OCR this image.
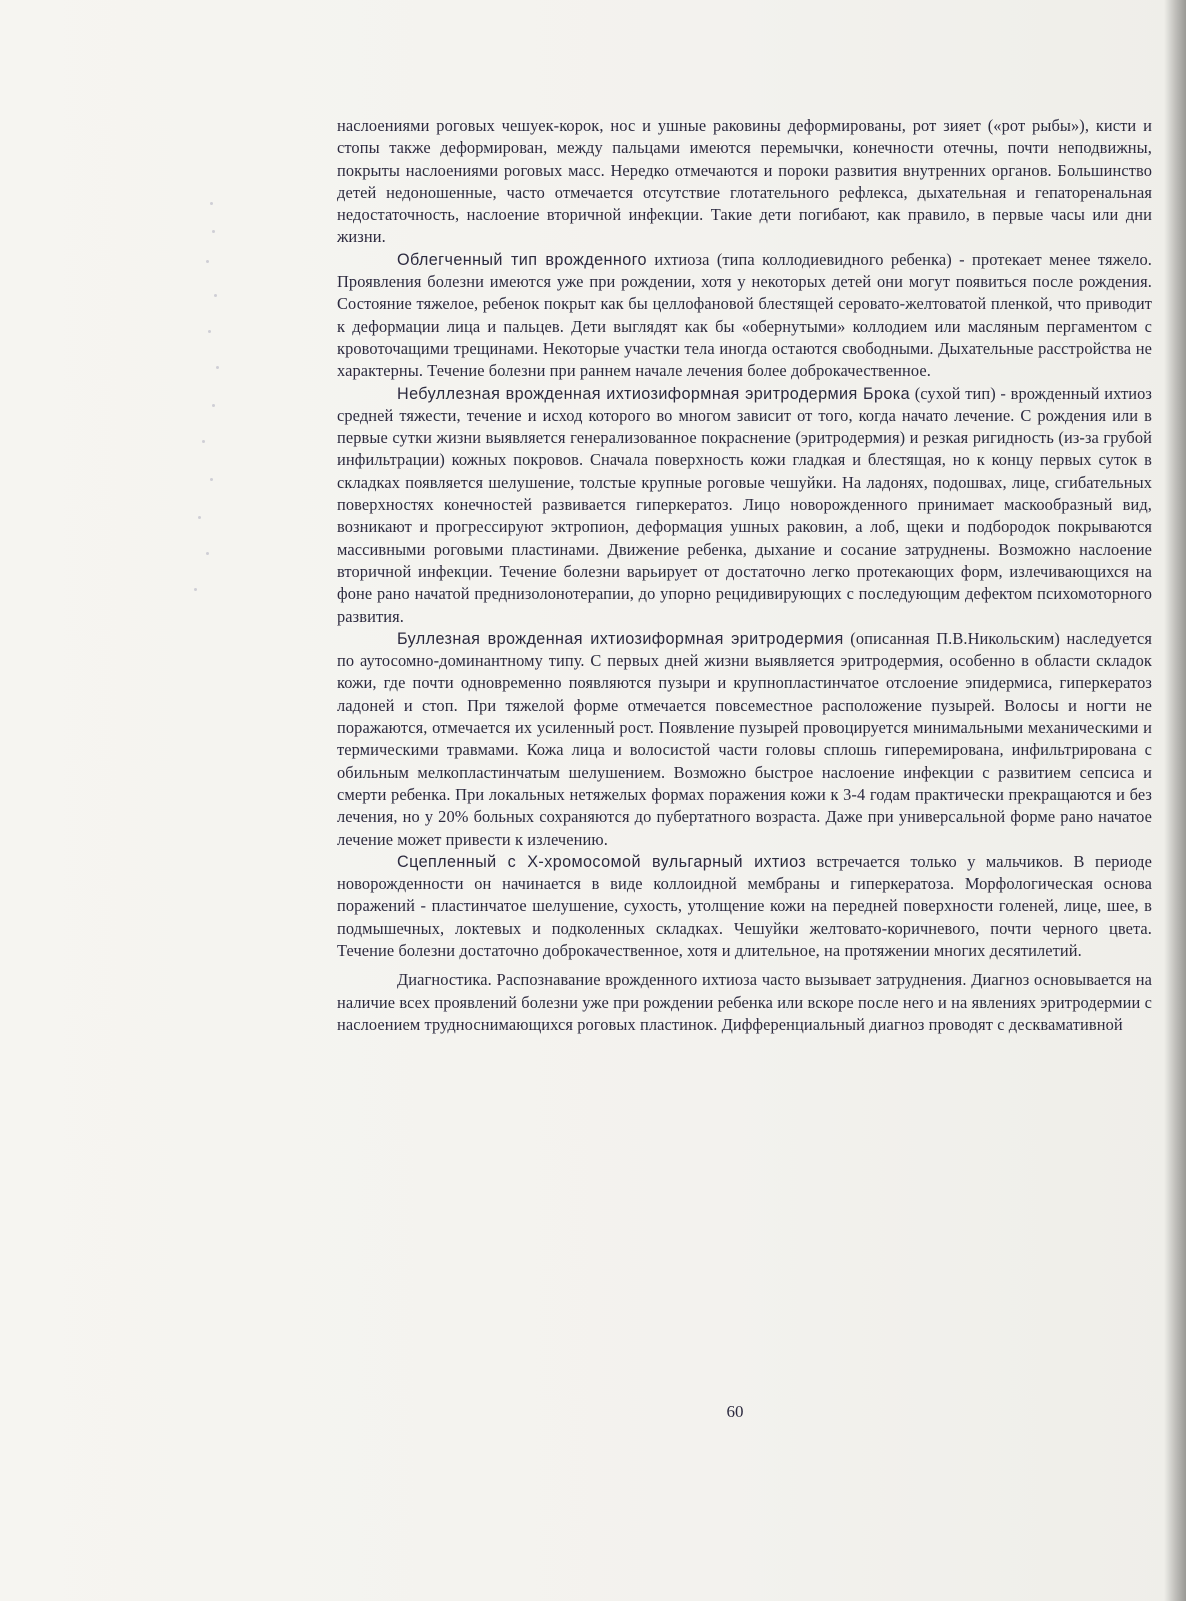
наслоениями роговых чешуек-корок, нос и ушные раковины деформированы, рот зияет («рот рыбы»), кисти и стопы также деформирован, между пальцами имеются перемычки, конечности отечны, почти неподвижны, покрыты наслоениями роговых масс. Нередко отмечаются и пороки развития внутренних органов. Большинство детей недоношенные, часто отмечается отсутствие глотательного рефлекса, дыхательная и гепаторенальная недостаточность, наслоение вторичной инфекции. Такие дети погибают, как правило, в первые часы или дни жизни.

Облегченный тип врожденного ихтиоза (типа коллодиевидного ребенка) - протекает менее тяжело. Проявления болезни имеются уже при рождении, хотя у некоторых детей они могут появиться после рождения. Состояние тяжелое, ребенок покрыт как бы целлофановой блестящей серовато-желтоватой пленкой, что приводит к деформации лица и пальцев. Дети выглядят как бы «обернутыми» коллодием или масляным пергаментом с кровоточащими трещинами. Некоторые участки тела иногда остаются свободными. Дыхательные расстройства не характерны. Течение болезни при раннем начале лечения более доброкачественное.

Небуллезная врожденная ихтиозиформная эритродермия Брока (сухой тип) - врожденный ихтиоз средней тяжести, течение и исход которого во многом зависит от того, когда начато лечение. С рождения или в первые сутки жизни выявляется генерализованное покраснение (эритродермия) и резкая ригидность (из-за грубой инфильтрации) кожных покровов. Сначала поверхность кожи гладкая и блестящая, но к концу первых суток в складках появляется шелушение, толстые крупные роговые чешуйки. На ладонях, подошвах, лице, сгибательных поверхностях конечностей развивается гиперкератоз. Лицо новорожденного принимает маскообразный вид, возникают и прогрессируют эктропион, деформация ушных раковин, а лоб, щеки и подбородок покрываются массивными роговыми пластинами. Движение ребенка, дыхание и сосание затруднены. Возможно наслоение вторичной инфекции. Течение болезни варьирует от достаточно легко протекающих форм, излечивающихся на фоне рано начатой преднизолонотерапии, до упорно рецидивирующих с последующим дефектом психомоторного развития.

Буллезная врожденная ихтиозиформная эритродермия (описанная П.В.Никольским) наследуется по аутосомно-доминантному типу. С первых дней жизни выявляется эритродермия, особенно в области складок кожи, где почти одновременно появляются пузыри и крупнопластинчатое отслоение эпидермиса, гиперкератоз ладоней и стоп. При тяжелой форме отмечается повсеместное расположение пузырей. Волосы и ногти не поражаются, отмечается их усиленный рост. Появление пузырей провоцируется минимальными механическими и термическими травмами. Кожа лица и волосистой части головы сплошь гиперемирована, инфильтрирована с обильным мелкопластинчатым шелушением. Возможно быстрое наслоение инфекции с развитием сепсиса и смерти ребенка. При локальных нетяжелых формах поражения кожи к 3-4 годам практически прекращаются и без лечения, но у 20% больных сохраняются до пубертатного возраста. Даже при универсальной форме рано начатое лечение может привести к излечению.

Сцепленный с Х-хромосомой вульгарный ихтиоз встречается только у мальчиков. В периоде новорожденности он начинается в виде коллоидной мембраны и гиперкератоза. Морфологическая основа поражений - пластинчатое шелушение, сухость, утолщение кожи на передней поверхности голеней, лице, шее, в подмышечных, локтевых и подколенных складках. Чешуйки желтовато-коричневого, почти черного цвета. Течение болезни достаточно доброкачественное, хотя и длительное, на протяжении многих десятилетий.

Диагностика. Распознавание врожденного ихтиоза часто вызывает затруднения. Диагноз основывается на наличие всех проявлений болезни уже при рождении ребенка или вскоре после него и на явлениях эритродермии с наслоением трудноснимающихся роговых пластинок. Дифференциальный диагноз проводят с десквамативной

60
